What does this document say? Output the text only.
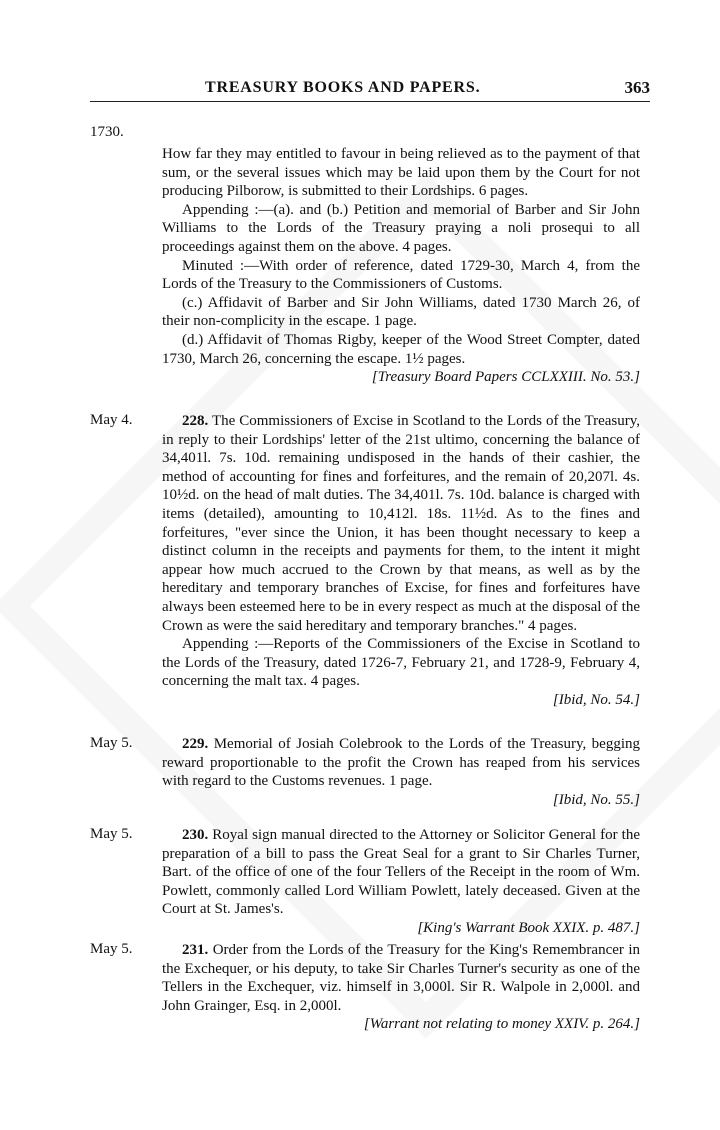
TREASURY BOOKS AND PAPERS.	363
1730.

How far they may entitled to favour in being relieved as to the payment of that sum, or the several issues which may be laid upon them by the Court for not producing Pilborow, is submitted to their Lordships. 6 pages.

Appending :—(a). and (b.) Petition and memorial of Barber and Sir John Williams to the Lords of the Treasury praying a noli prosequi to all proceedings against them on the above. 4 pages.

Minuted :—With order of reference, dated 1729-30, March 4, from the Lords of the Treasury to the Commissioners of Customs.

(c.) Affidavit of Barber and Sir John Williams, dated 1730 March 26, of their non-complicity in the escape. 1 page.

(d.) Affidavit of Thomas Rigby, keeper of the Wood Street Compter, dated 1730, March 26, concerning the escape. 1½ pages.

[Treasury Board Papers CCLXXIII. No. 53.]

May 4.	228. The Commissioners of Excise in Scotland to the Lords of the Treasury, in reply to their Lordships' letter of the 21st ultimo, concerning the balance of 34,401l. 7s. 10d. remaining undisposed in the hands of their cashier, the method of accounting for fines and forfeitures, and the remain of 20,207l. 4s. 10½d. on the head of malt duties. The 34,401l. 7s. 10d. balance is charged with items (detailed), amounting to 10,412l. 18s. 11½d. As to the fines and forfeitures, "ever since the Union, it has been thought necessary to keep a distinct column in the receipts and payments for them, to the intent it might appear how much accrued to the Crown by that means, as well as by the hereditary and temporary branches of Excise, for fines and forfeitures have always been esteemed here to be in every respect as much at the disposal of the Crown as were the said hereditary and temporary branches." 4 pages.

Appending :—Reports of the Commissioners of the Excise in Scotland to the Lords of the Treasury, dated 1726-7, February 21, and 1728-9, February 4, concerning the malt tax. 4 pages.

[Ibid, No. 54.]

May 5.	229. Memorial of Josiah Colebrook to the Lords of the Treasury, begging reward proportionable to the profit the Crown has reaped from his services with regard to the Customs revenues. 1 page.

[Ibid, No. 55.]

May 5.	230. Royal sign manual directed to the Attorney or Solicitor General for the preparation of a bill to pass the Great Seal for a grant to Sir Charles Turner, Bart. of the office of one of the four Tellers of the Receipt in the room of Wm. Powlett, commonly called Lord William Powlett, lately deceased. Given at the Court at St. James's.

[King's Warrant Book XXIX. p. 487.]

May 5.	231. Order from the Lords of the Treasury for the King's Remembrancer in the Exchequer, or his deputy, to take Sir Charles Turner's security as one of the Tellers in the Exchequer, viz. himself in 3,000l. Sir R. Walpole in 2,000l. and John Grainger, Esq. in 2,000l.

[Warrant not relating to money XXIV. p. 264.]
